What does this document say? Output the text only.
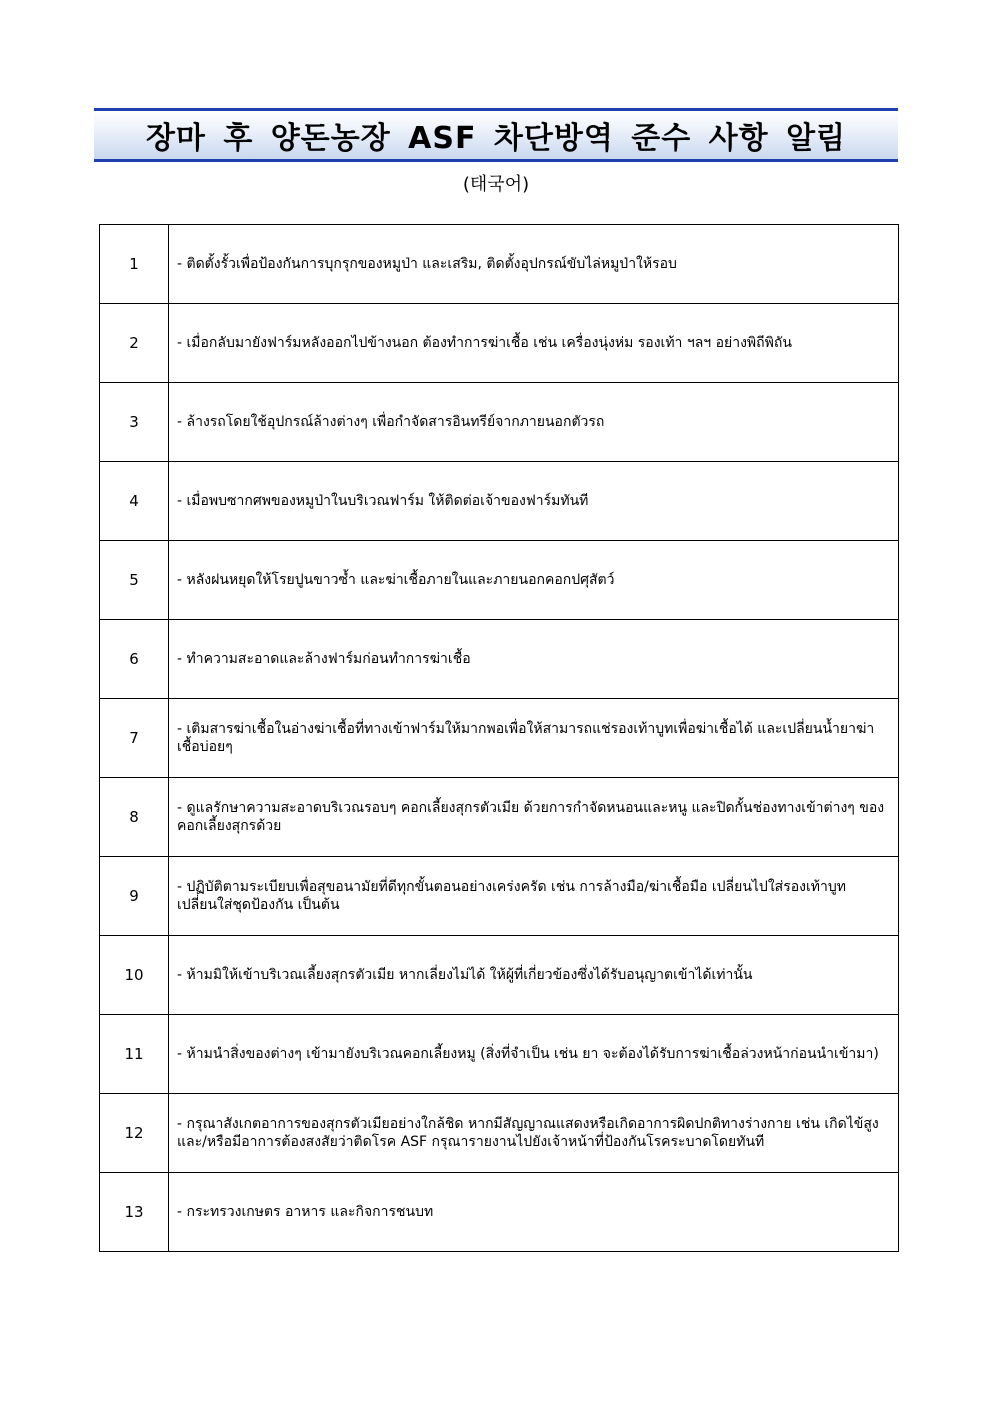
장마 후 양돈농장 ASF 차단방역 준수 사항 알림
(태국어)
1	- ติดตั้งรั้วเพื่อป้องกันการบุกรุกของหมูป่า และเสริม, ติดตั้งอุปกรณ์ขับไล่หมูป่าให้รอบ

2	- เมื่อกลับมายังฟาร์มหลังออกไปข้างนอก ต้องทำการฆ่าเชื้อ เช่น เครื่องนุ่งห่ม รองเท้า ฯลฯ อย่างพิถีพิถัน

3	- ล้างรถโดยใช้อุปกรณ์ล้างต่างๆ เพื่อกำจัดสารอินทรีย์จากภายนอกตัวรถ

4	- เมื่อพบซากศพของหมูป่าในบริเวณฟาร์ม ให้ติดต่อเจ้าของฟาร์มทันที

5	- หลังฝนหยุดให้โรยปูนขาวซ้ำ และฆ่าเชื้อภายในและภายนอกคอกปศุสัตว์

6	- ทำความสะอาดและล้างฟาร์มก่อนทำการฆ่าเชื้อ

7	- เติมสารฆ่าเชื้อในอ่างฆ่าเชื้อที่ทางเข้าฟาร์มให้มากพอเพื่อให้สามารถแช่รองเท้าบูทเพื่อฆ่าเชื้อได้ และเปลี่ยนน้ำยาฆ่าเชื้อบ่อยๆ

8	- ดูแลรักษาความสะอาดบริเวณรอบๆ คอกเลี้ยงสุกรตัวเมีย ด้วยการกำจัดหนอนและหนู และปิดกั้นช่องทางเข้าต่างๆ ของคอกเลี้ยงสุกรด้วย

9	- ปฏิบัติตามระเบียบเพื่อสุขอนามัยที่ดีทุกขั้นตอนอย่างเคร่งครัด เช่น การล้างมือ/ฆ่าเชื้อมือ เปลี่ยนไปใส่รองเท้าบูท เปลี่ยนใส่ชุดป้องกัน เป็นต้น

10	- ห้ามมิให้เข้าบริเวณเลี้ยงสุกรตัวเมีย หากเลี่ยงไม่ได้ ให้ผู้ที่เกี่ยวข้องซึ่งได้รับอนุญาตเข้าได้เท่านั้น

11	- ห้ามนำสิ่งของต่างๆ เข้ามายังบริเวณคอกเลี้ยงหมู (สิ่งที่จำเป็น เช่น ยา จะต้องได้รับการฆ่าเชื้อล่วงหน้าก่อนนำเข้ามา)

12	- กรุณาสังเกตอาการของสุกรตัวเมียอย่างใกล้ชิด หากมีสัญญาณแสดงหรือเกิดอาการผิดปกติทางร่างกาย เช่น เกิดไข้สูง และ/หรือมีอาการต้องสงสัยว่าติดโรค ASF กรุณารายงานไปยังเจ้าหน้าที่ป้องกันโรคระบาดโดยทันที

13	- กระทรวงเกษตร อาหาร และกิจการชนบท
